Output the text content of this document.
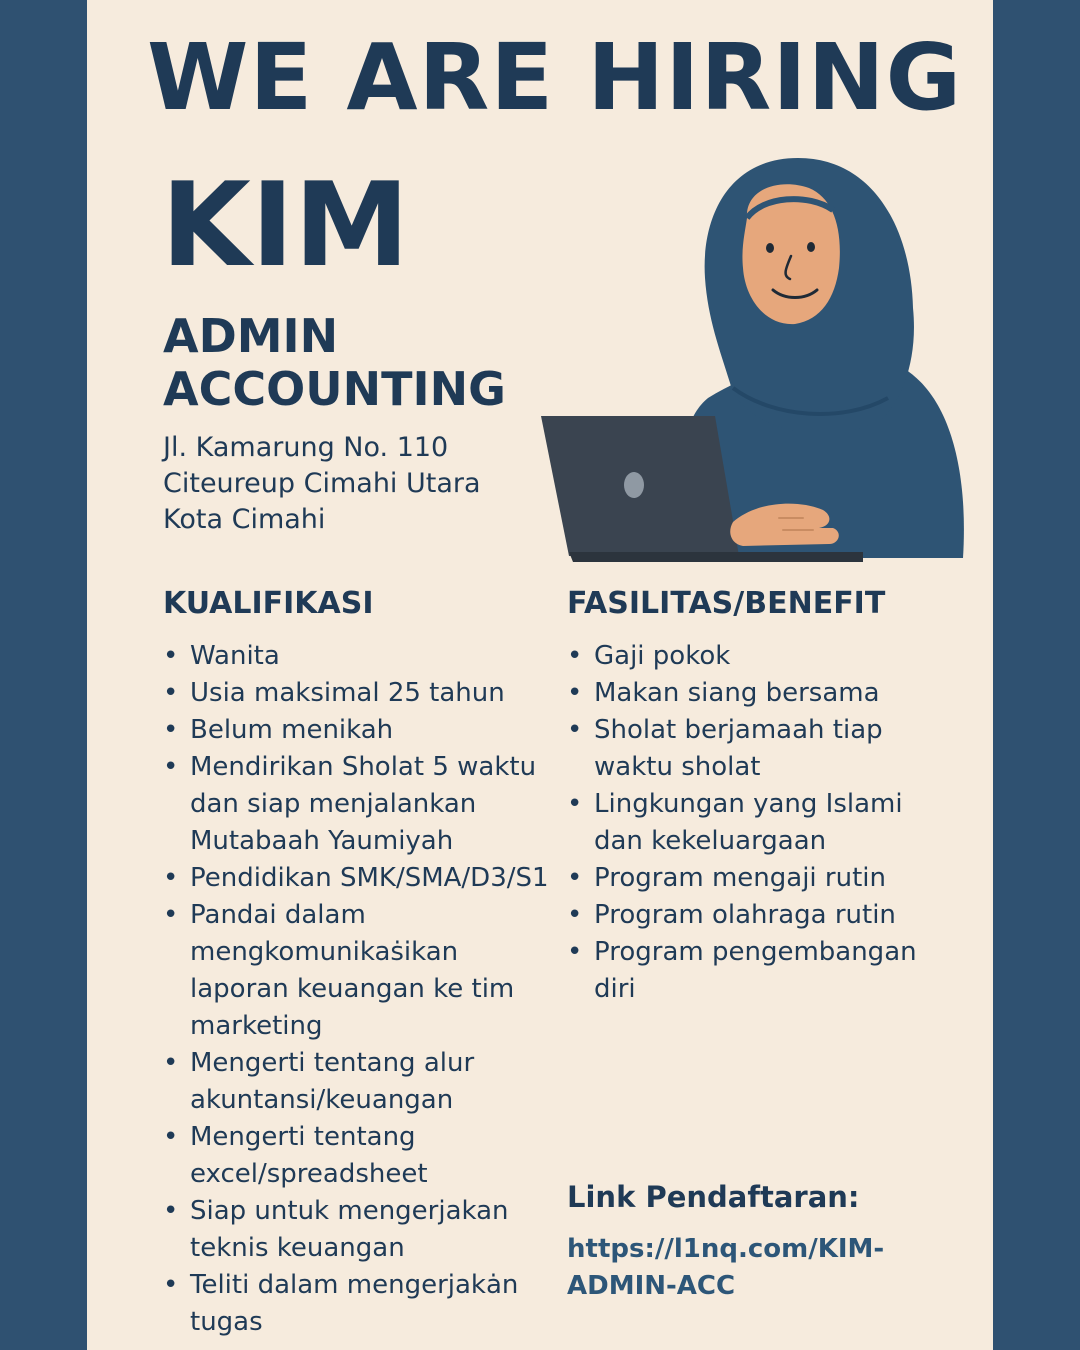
WE ARE HIRING
KIM
ADMIN
ACCOUNTING
Jl. Kamarung No. 110
Citeureup Cimahi Utara
Kota Cimahi
KUALIFIKASI
• Wanita
• Usia maksimal 25 tahun
• Belum menikah
• Mendirikan Sholat 5 waktu dan siap menjalankan Mutabaah Yaumiyah
• Pendidikan SMK/SMA/D3/S1
• Pandai dalam mengkomunikaṡikan laporan keuangan ke tim marketing
• Mengerti tentang alur akuntansi/keuangan
• Mengerti tentang excel/spreadsheet
• Siap untuk mengerjakan teknis keuangan
• Teliti dalam mengerjakȧn tugas
FASILITAS/BENEFIT
• Gaji pokok
• Makan siang bersama
• Sholat berjamaah tiap waktu sholat
• Lingkungan yang Islami dan kekeluargaan
• Program mengaji rutin
• Program olahraga rutin
• Program pengembangan diri
Link Pendaftaran:
https://l1nq.com/KIM-ADMIN-ACC
